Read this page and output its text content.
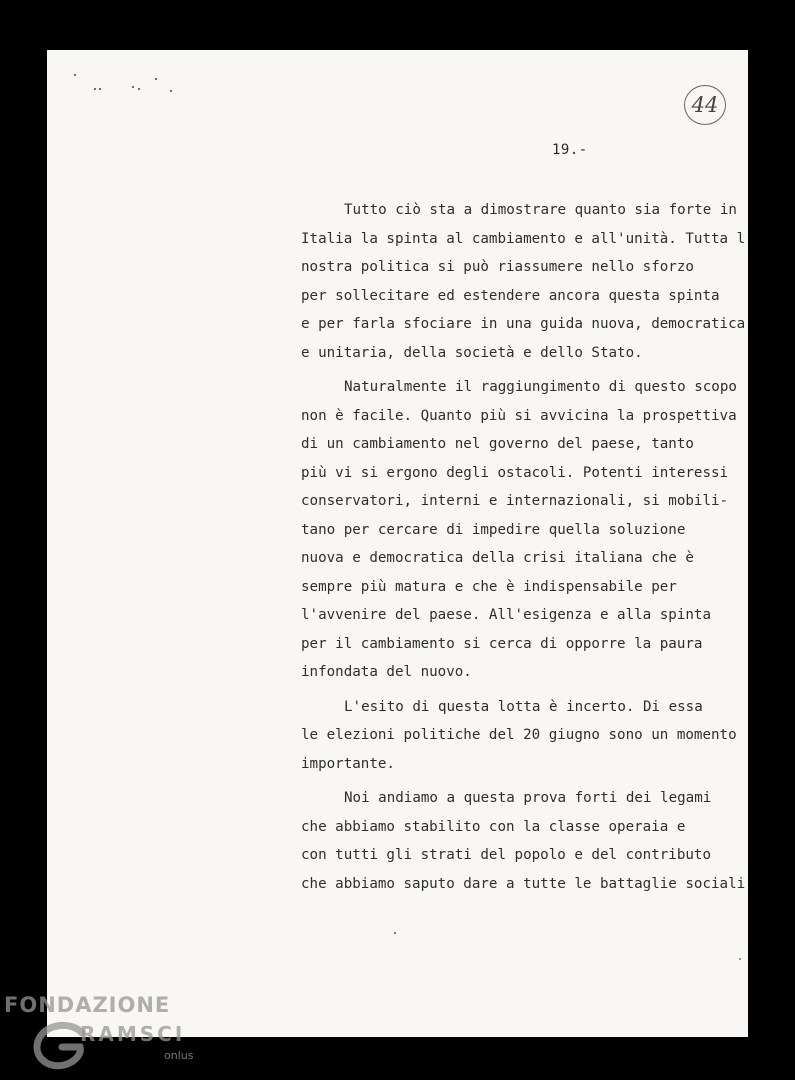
44
19.-
Tutto ciò sta a dimostrare quanto sia forte in
Italia la spinta al cambiamento e all'unità. Tutta l
nostra politica si può riassumere nello sforzo
per sollecitare ed estendere ancora questa spinta
e per farla sfociare in una guida nuova, democratica
e unitaria, della società e dello Stato.
Naturalmente il raggiungimento di questo scopo
non è facile. Quanto più si avvicina la prospettiva
di un cambiamento nel governo del paese, tanto
più vi si ergono degli ostacoli. Potenti interessi
conservatori, interni e internazionali, si mobili-
tano per cercare di impedire quella soluzione
nuova e democratica della crisi italiana che è
sempre più matura e che è indispensabile per
l'avvenire del paese. All'esigenza e alla spinta
per il cambiamento si cerca di opporre la paura
infondata del nuovo.
L'esito di questa lotta è incerto. Di essa
le elezioni politiche del 20 giugno sono un momento
importante.
Noi andiamo a questa prova forti dei legami
che abbiamo stabilito con la classe operaia e
con tutti gli strati del popolo e del contributo
che abbiamo saputo dare a tutte le battaglie sociali
FONDAZIONE
RAMSCI
onlus
